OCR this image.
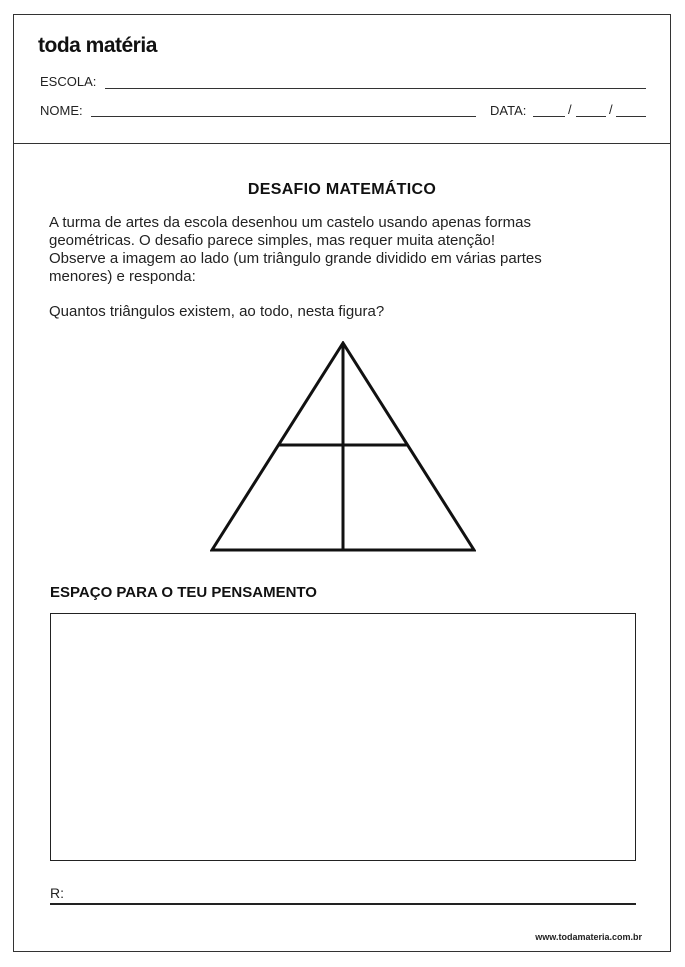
toda matéria
ESCOLA:
NOME:	DATA:	/	/
DESAFIO MATEMÁTICO
A turma de artes da escola desenhou um castelo usando apenas formas
geométricas. O desafio parece simples, mas requer muita atenção!
Observe a imagem ao lado (um triângulo grande dividido em várias partes
menores) e responda:
Quantos triângulos existem, ao todo, nesta figura?
ESPAÇO PARA O TEU PENSAMENTO
R:
www.todamateria.com.br
